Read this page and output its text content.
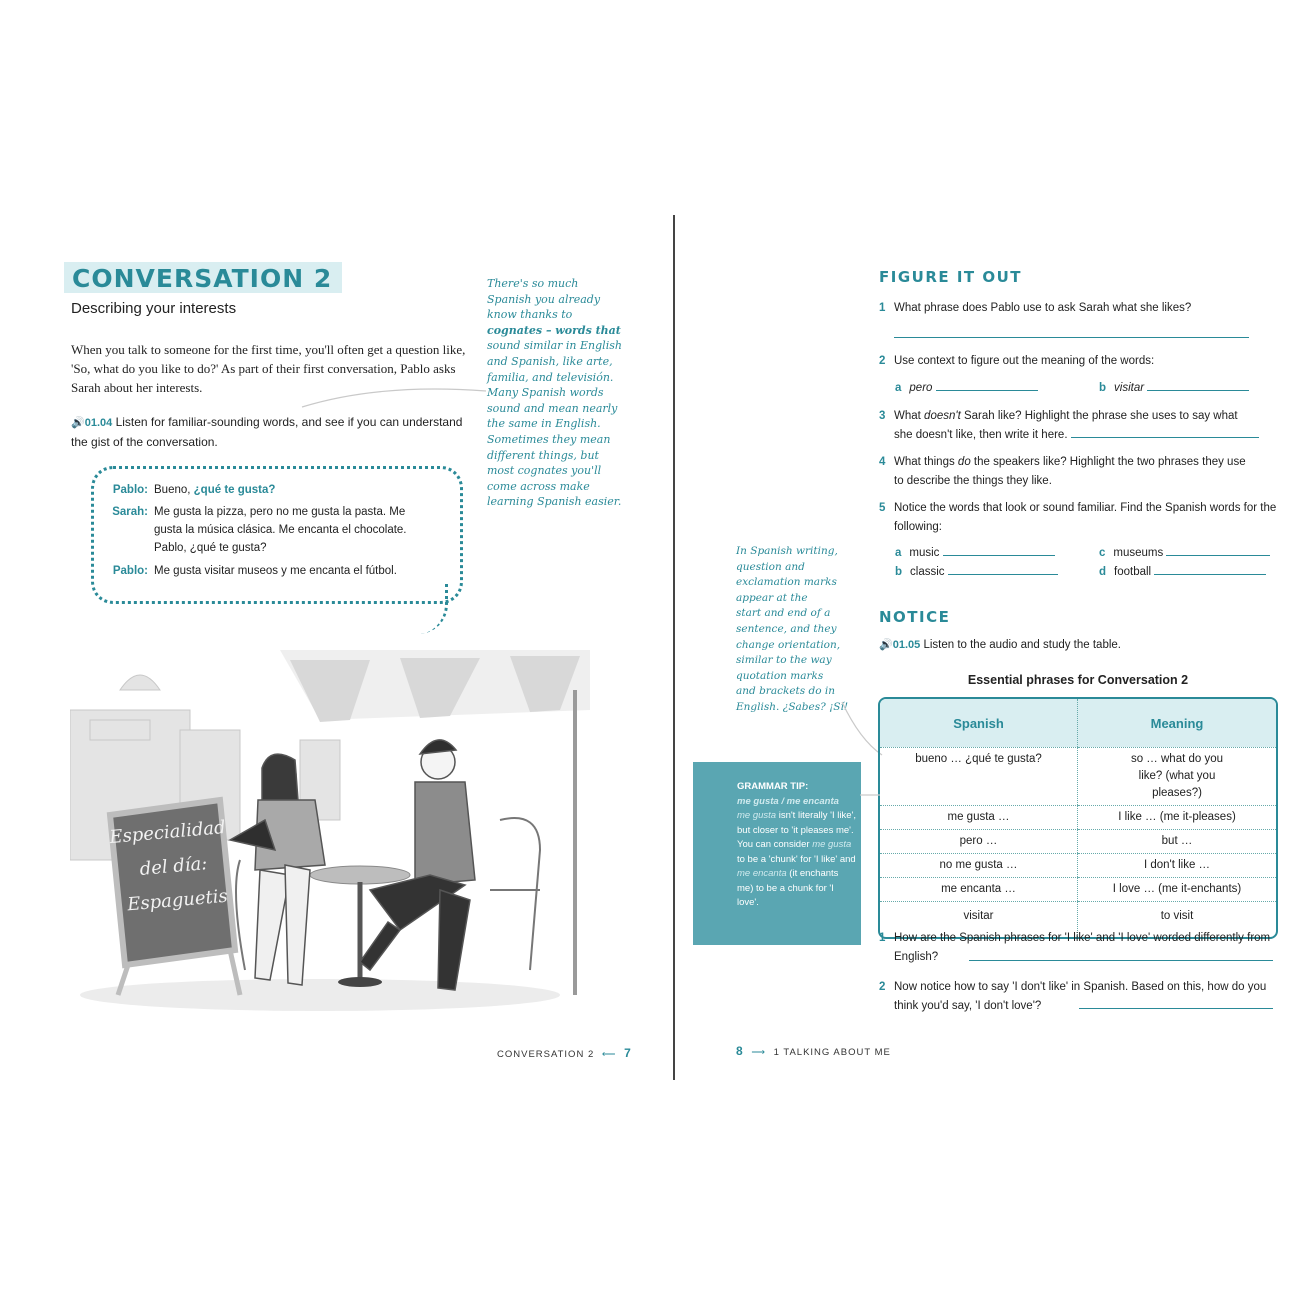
CONVERSATION 2
Describing your interests
When you talk to someone for the first time, you'll often get a question like, 'So, what do you like to do?' As part of their first conversation, Pablo asks Sarah about her interests.
🔊01.04 Listen for familiar-sounding words, and see if you can understand the gist of the conversation.
There's so much
Spanish you already
know thanks to
cognates – words that
sound similar in English
and Spanish, like arte,
familia, and televisión.
Many Spanish words
sound and mean nearly
the same in English.
Sometimes they mean
different things, but
most cognates you'll
come across make
learning Spanish easier.
Pablo: Bueno, ¿qué te gusta?
Sarah: Me gusta la pizza, pero no me gusta la pasta. Me gusta la música clásica. Me encanta el chocolate. Pablo, ¿qué te gusta?
Pablo: Me gusta visitar museos y me encanta el fútbol.
Especialidad
del día:
Espaguetis
CONVERSATION 2 ⟵ 7
FIGURE IT OUT
1 What phrase does Pablo use to ask Sarah what she likes?
2 Use context to figure out the meaning of the words:
a pero	b visitar
3 What doesn't Sarah like? Highlight the phrase she uses to say what
she doesn't like, then write it here.
4 What things do the speakers like? Highlight the two phrases they use
to describe the things they like.
5 Notice the words that look or sound familiar. Find the Spanish words for the following:
a music	c museums
b classic	d football
In Spanish writing,
question and
exclamation marks
appear at the
start and end of a
sentence, and they
change orientation,
similar to the way
quotation marks
and brackets do in
English. ¿Sabes? ¡Sí!
NOTICE
🔊01.05 Listen to the audio and study the table.
Essential phrases for Conversation 2
Spanish	Meaning
bueno … ¿qué te gusta?	so … what do you like? (what you pleases?)
me gusta …	I like … (me it-pleases)
pero …	but …
no me gusta …	I don't like …
me encanta …	I love … (me it-enchants)
visitar	to visit
GRAMMAR TIP:
me gusta / me encanta
me gusta isn't literally 'I like', but closer to 'it pleases me'. You can consider me gusta to be a 'chunk' for 'I like' and me encanta (it enchants me) to be a chunk for 'I love'.
1 How are the Spanish phrases for 'I like' and 'I love' worded differently from English?
2 Now notice how to say 'I don't like' in Spanish. Based on this, how do you think you'd say, 'I don't love'?
8 ⟶ 1 TALKING ABOUT ME
